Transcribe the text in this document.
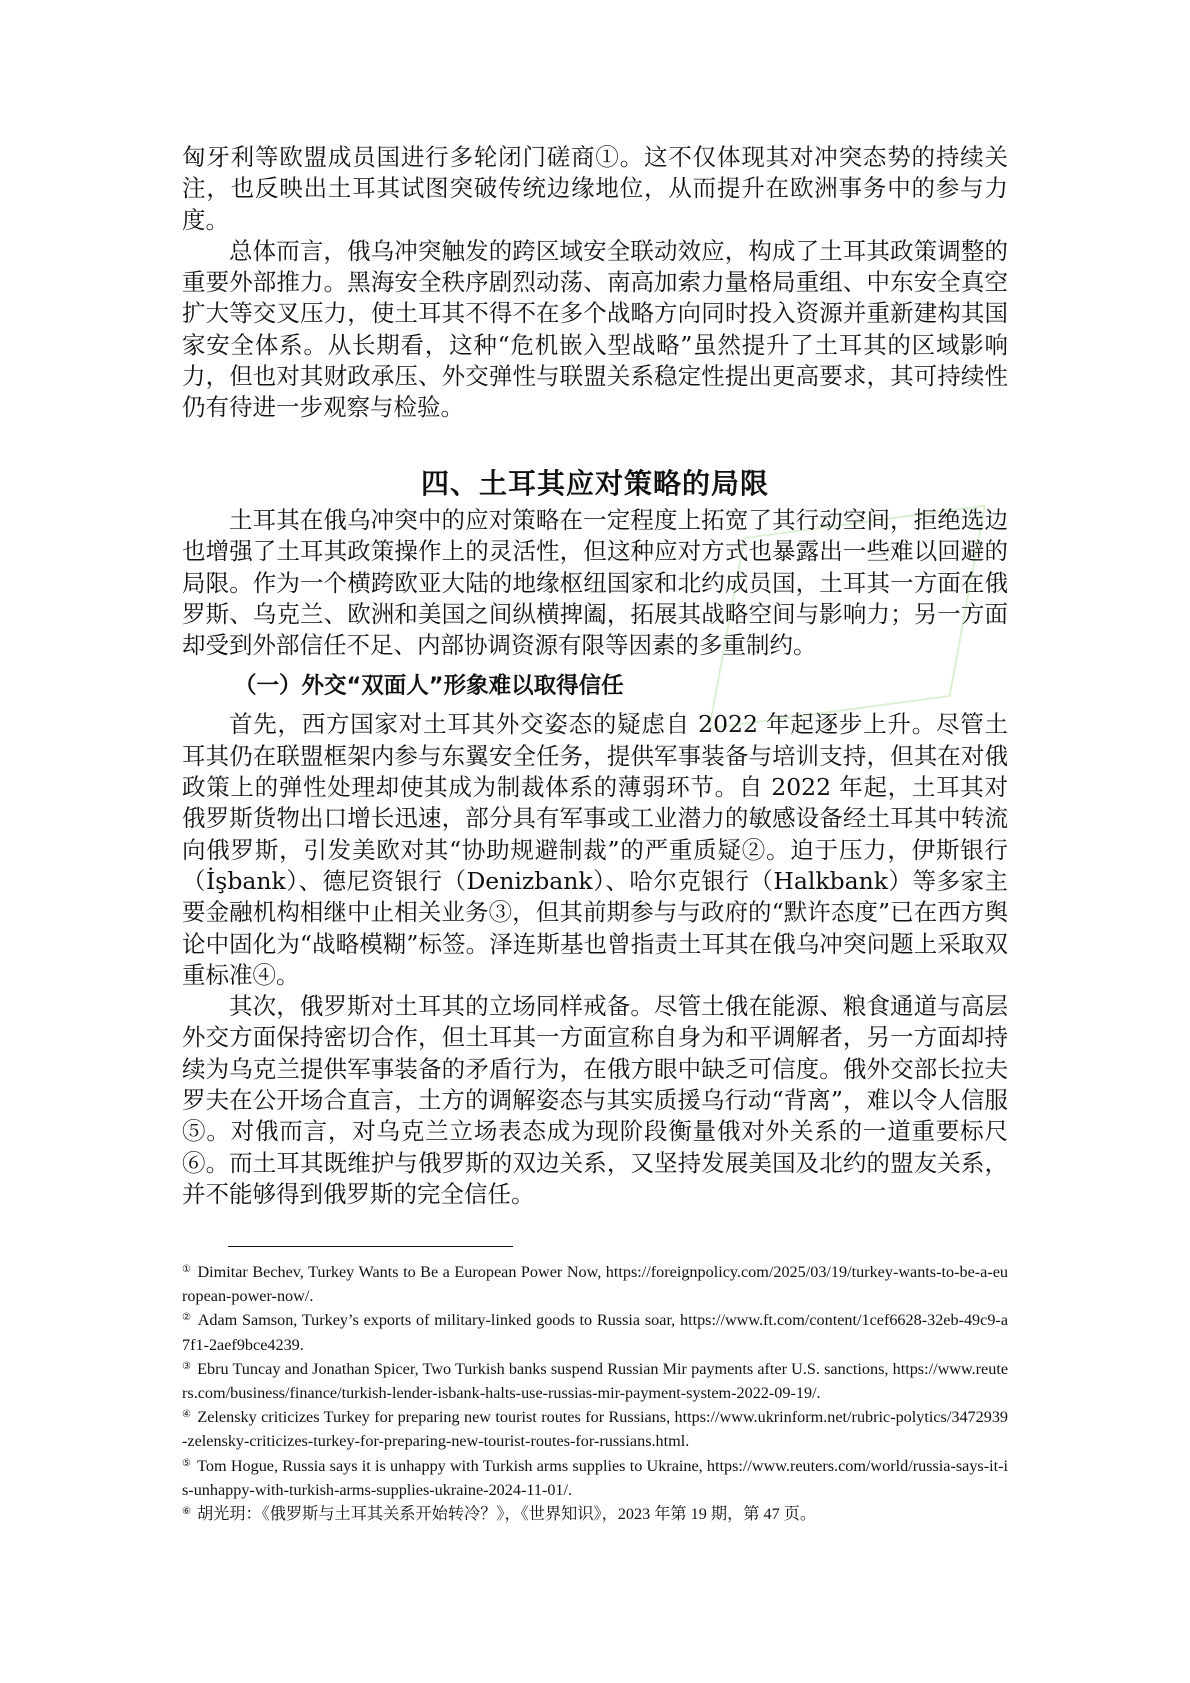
匈牙利等欧盟成员国进行多轮闭门磋商①。这不仅体现其对冲突态势的持续关注，也反映出土耳其试图突破传统边缘地位，从而提升在欧洲事务中的参与力度。

总体而言，俄乌冲突触发的跨区域安全联动效应，构成了土耳其政策调整的重要外部推力。黑海安全秩序剧烈动荡、南高加索力量格局重组、中东安全真空扩大等交叉压力，使土耳其不得不在多个战略方向同时投入资源并重新建构其国家安全体系。从长期看，这种“危机嵌入型战略”虽然提升了土耳其的区域影响力，但也对其财政承压、外交弹性与联盟关系稳定性提出更高要求，其可持续性仍有待进一步观察与检验。

四、土耳其应对策略的局限

土耳其在俄乌冲突中的应对策略在一定程度上拓宽了其行动空间，拒绝选边也增强了土耳其政策操作上的灵活性，但这种应对方式也暴露出一些难以回避的局限。作为一个横跨欧亚大陆的地缘枢纽国家和北约成员国，土耳其一方面在俄罗斯、乌克兰、欧洲和美国之间纵横捭阖，拓展其战略空间与影响力；另一方面却受到外部信任不足、内部协调资源有限等因素的多重制约。

（一）外交“双面人”形象难以取得信任

首先，西方国家对土耳其外交姿态的疑虑自 2022 年起逐步上升。尽管土耳其仍在联盟框架内参与东翼安全任务，提供军事装备与培训支持，但其在对俄政策上的弹性处理却使其成为制裁体系的薄弱环节。自 2022 年起，土耳其对俄罗斯货物出口增长迅速，部分具有军事或工业潜力的敏感设备经土耳其中转流向俄罗斯，引发美欧对其“协助规避制裁”的严重质疑②。迫于压力，伊斯银行（İşbank）、德尼资银行（Denizbank）、哈尔克银行（Halkbank）等多家主要金融机构相继中止相关业务③，但其前期参与与政府的“默许态度”已在西方舆论中固化为“战略模糊”标签。泽连斯基也曾指责土耳其在俄乌冲突问题上采取双重标准④。

其次，俄罗斯对土耳其的立场同样戒备。尽管土俄在能源、粮食通道与高层外交方面保持密切合作，但土耳其一方面宣称自身为和平调解者，另一方面却持续为乌克兰提供军事装备的矛盾行为，在俄方眼中缺乏可信度。俄外交部长拉夫罗夫在公开场合直言，土方的调解姿态与其实质援乌行动“背离”，难以令人信服⑤。对俄而言，对乌克兰立场表态成为现阶段衡量俄对外关系的一道重要标尺⑥。而土耳其既维护与俄罗斯的双边关系，又坚持发展美国及北约的盟友关系，并不能够得到俄罗斯的完全信任。

① Dimitar Bechev, Turkey Wants to Be a European Power Now, https://foreignpolicy.com/2025/03/19/turkey-wants-to-be-a-european-power-now/.

② Adam Samson, Turkey’s exports of military-linked goods to Russia soar, https://www.ft.com/content/1cef6628-32eb-49c9-a7f1-2aef9bce4239.

③ Ebru Tuncay and Jonathan Spicer, Two Turkish banks suspend Russian Mir payments after U.S. sanctions, https://www.reuters.com/business/finance/turkish-lender-isbank-halts-use-russias-mir-payment-system-2022-09-19/.

④ Zelensky criticizes Turkey for preparing new tourist routes for Russians, https://www.ukrinform.net/rubric-polytics/3472939-zelensky-criticizes-turkey-for-preparing-new-tourist-routes-for-russians.html.

⑤ Tom Hogue, Russia says it is unhappy with Turkish arms supplies to Ukraine, https://www.reuters.com/world/russia-says-it-is-unhappy-with-turkish-arms-supplies-ukraine-2024-11-01/.

⑥ 胡光玥：《俄罗斯与土耳其关系开始转冷？》，《世界知识》，2023 年第 19 期，第 47 页。
